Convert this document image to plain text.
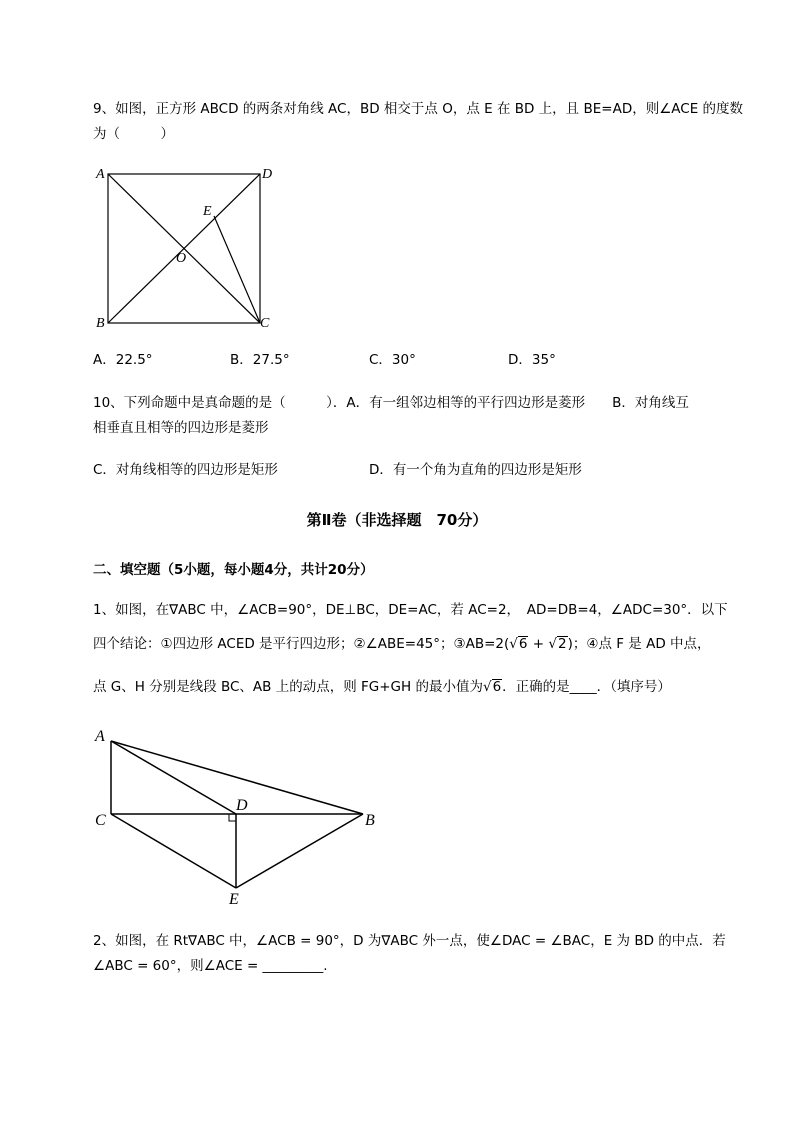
9、如图，正方形 ABCD 的两条对角线 AC，BD 相交于点 O，点 E 在 BD 上，且 BE=AD，则∠ACE 的度数
为（　　　）
A	D
B	C
E
O
A．22.5°	B．27.5°	C．30°	D．35°
10、下列命题中是真命题的是（　　　）．A．有一组邻边相等的平行四边形是菱形　　B．对角线互
相垂直且相等的四边形是菱形
C．对角线相等的四边形是矩形	D．有一个角为直角的四边形是矩形
第Ⅱ卷（非选择题　70分）
二、填空题（5小题，每小题4分，共计20分）
1、如图，在∇ABC 中，∠ACB=90°，DE⊥BC，DE=AC，若 AC=2，　AD=DB=4，∠ADC=30°．以下
四个结论：①四边形 ACED 是平行四边形；②∠ABE=45°；③AB=2(√6 + √2)；④点 F 是 AD 中点，
点 G、H 分别是线段 BC、AB 上的动点，则 FG+GH 的最小值为√6．正确的是____．（填序号）
A
C
D
B
E
2、如图，在 Rt∇ABC 中，∠ACB = 90°，D 为∇ABC 外一点，使∠DAC = ∠BAC，E 为 BD 的中点．若
∠ABC = 60°，则∠ACE = _________.
